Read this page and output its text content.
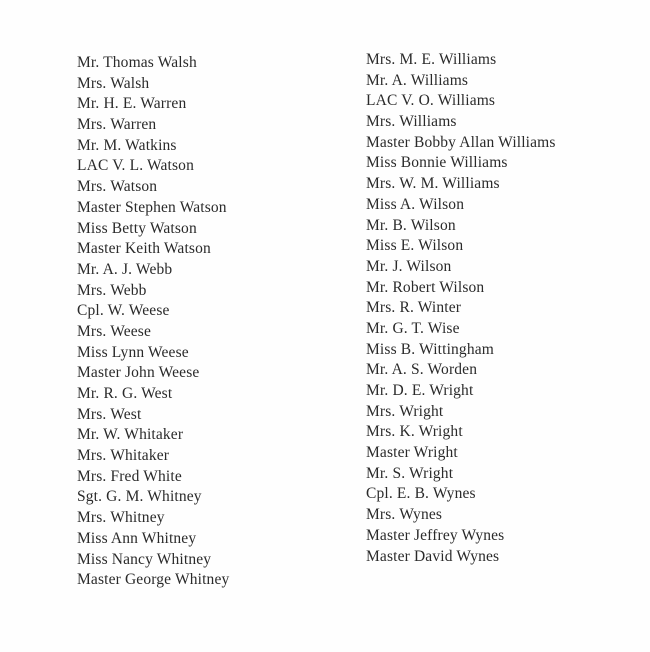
Mr. Thomas Walsh
Mrs. Walsh
Mr. H. E. Warren
Mrs. Warren
Mr. M. Watkins
LAC V. L. Watson
Mrs. Watson
Master Stephen Watson
Miss Betty Watson
Master Keith Watson
Mr. A. J. Webb
Mrs. Webb
Cpl. W. Weese
Mrs. Weese
Miss Lynn Weese
Master John Weese
Mr. R. G. West
Mrs. West
Mr. W. Whitaker
Mrs. Whitaker
Mrs. Fred White
Sgt. G. M. Whitney
Mrs. Whitney
Miss Ann Whitney
Miss Nancy Whitney
Master George Whitney
Mrs. M. E. Williams
Mr. A. Williams
LAC V. O. Williams
Mrs. Williams
Master Bobby Allan Williams
Miss Bonnie Williams
Mrs. W. M. Williams
Miss A. Wilson
Mr. B. Wilson
Miss E. Wilson
Mr. J. Wilson
Mr. Robert Wilson
Mrs. R. Winter
Mr. G. T. Wise
Miss B. Wittingham
Mr. A. S. Worden
Mr. D. E. Wright
Mrs. Wright
Mrs. K. Wright
Master Wright
Mr. S. Wright
Cpl. E. B. Wynes
Mrs. Wynes
Master Jeffrey Wynes
Master David Wynes
